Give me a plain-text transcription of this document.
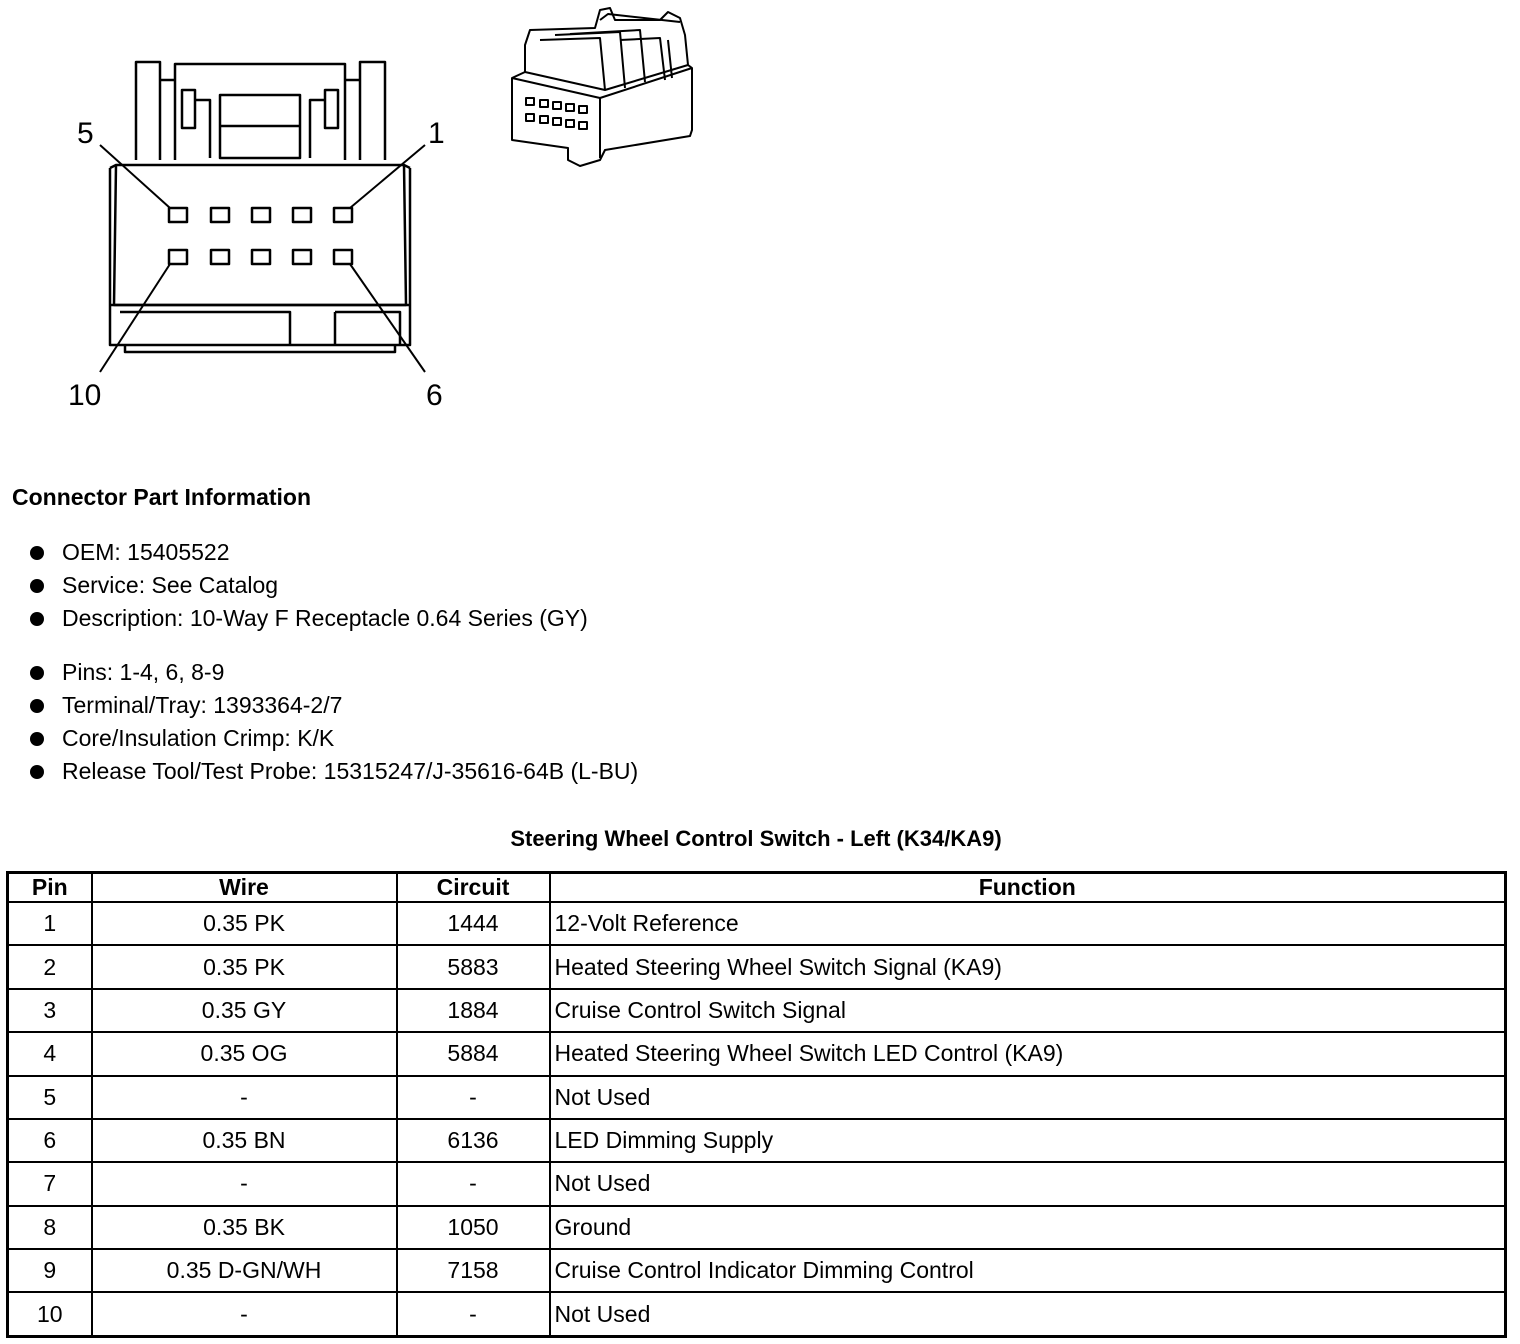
5	1
10	6
Connector Part Information
OEM: 15405522
Service: See Catalog
Description: 10-Way F Receptacle 0.64 Series (GY)
Pins: 1-4, 6, 8-9
Terminal/Tray: 1393364-2/7
Core/Insulation Crimp: K/K
Release Tool/Test Probe: 15315247/J-35616-64B (L-BU)
Steering Wheel Control Switch - Left (K34/KA9)
Pin	Wire	Circuit	Function
1	0.35 PK	1444	12-Volt Reference
2	0.35 PK	5883	Heated Steering Wheel Switch Signal (KA9)
3	0.35 GY	1884	Cruise Control Switch Signal
4	0.35 OG	5884	Heated Steering Wheel Switch LED Control (KA9)
5	-	-	Not Used
6	0.35 BN	6136	LED Dimming Supply
7	-	-	Not Used
8	0.35 BK	1050	Ground
9	0.35 D-GN/WH	7158	Cruise Control Indicator Dimming Control
10	-	-	Not Used
